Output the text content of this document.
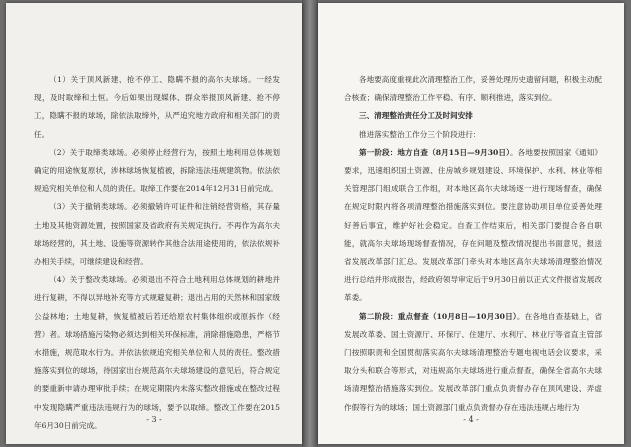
（1）关于顶风新建、抢不停工、隐瞒不报的高尔夫球场。一经发现，及时取缔和土恒。今后如果出现媒体、群众举报顶风新建、抢不停工，隐瞒不报的球场，除依法取缔外，从严追究地方政府和相关部门的责任。

（2）关于取缔类球场。必须停止经营行为，按照土地利用总体规划确定的用途恢复原状，涉林球场恢复植被，拆除违法违规建筑物。依法依规追究相关单位和人员的责任。取缔工作要在2014年12月31日前完成。

（3）关于撤销类球场。必须撤销许可证件和注销经营资格，其存量土地及其他资源处置，按照国家及省政府有关规定执行。不再作为高尔夫球场经营的，其土地、设施等资源转作其他合法用途使用的，依法依规补办相关手续，可继续建设和经营。

（4）关于整改类球场。必须退出不符合土地利用总体规划的耕地并进行复耕，不得以异地补充等方式规避复耕；退出占用的天然林和国家级公益林地；土地复耕，恢复植被后若还给原农村集体组织或原拆作（经营）者。球场措施污染物必须达到相关环保标准，消除措施隐患，严格节水措施，规范取水行为。并依法依规追究相关单位和人员的责任。整改措施落实到位的球场，待国家出台规范高尔夫球场建设的意见后，符合规定的要重新申请办理审批手续；在规定期限内未落实整改措施或在整改过程中发现隐瞒严重违法违规行为的球场，要予以取缔。整改工作要在2015年6月30日前完成。

- 3 -

各地要高度重视此次清理整治工作，妥善处理历史遗留问题，积极主动配合核查；确保清理整治工作平稳、有序、顺利推进，落实到位。

三、清理整治责任分工及时间安排

推进落实整治工作分三个阶段进行：

第一阶段：地方自查（8月15日—9月30日）。各地要按照国家《通知》要求，迅速组织国土资源、住房城乡规划建设、环境保护、水利、林业等相关管理部门组成联合工作组，对本地区高尔夫球场逐一进行现场督查，确保在规定时限内将各项清理整治措施落实到位。要注意协助项目单位妥善处理好善后事宜，维护好社会稳定。自查工作结束后，相关部门要提合各自职能，就高尔夫球场现场督查情况，存在问题及整改情况提出书面意见，报送省发展改革部门汇总。发展改革部门牵头对本地区高尔夫球场清理整治情况进行总结并形成报告，经政府领导审定后于9月30日前以正式文件报省发展改革委。

第二阶段：重点督查（10月8日—10月30日）。在各地自查基础上，省发展改革委、国土资源厅、环保厅、住建厅、水利厅、林业厅等省直主管部门按照职责和全国贯彻落实高尔夫球场清理整治专题电视电话会议要求，采取分头和联合等形式，对违规高尔夫球场进行重点督查，确保全省高尔夫球场清理整治措施落实到位。发展改革部门重点负责督办存在顶风建设、弄虚作假等行为的球场；国土资源部门重点负责督办存在违法违规占地行为

- 4 -
